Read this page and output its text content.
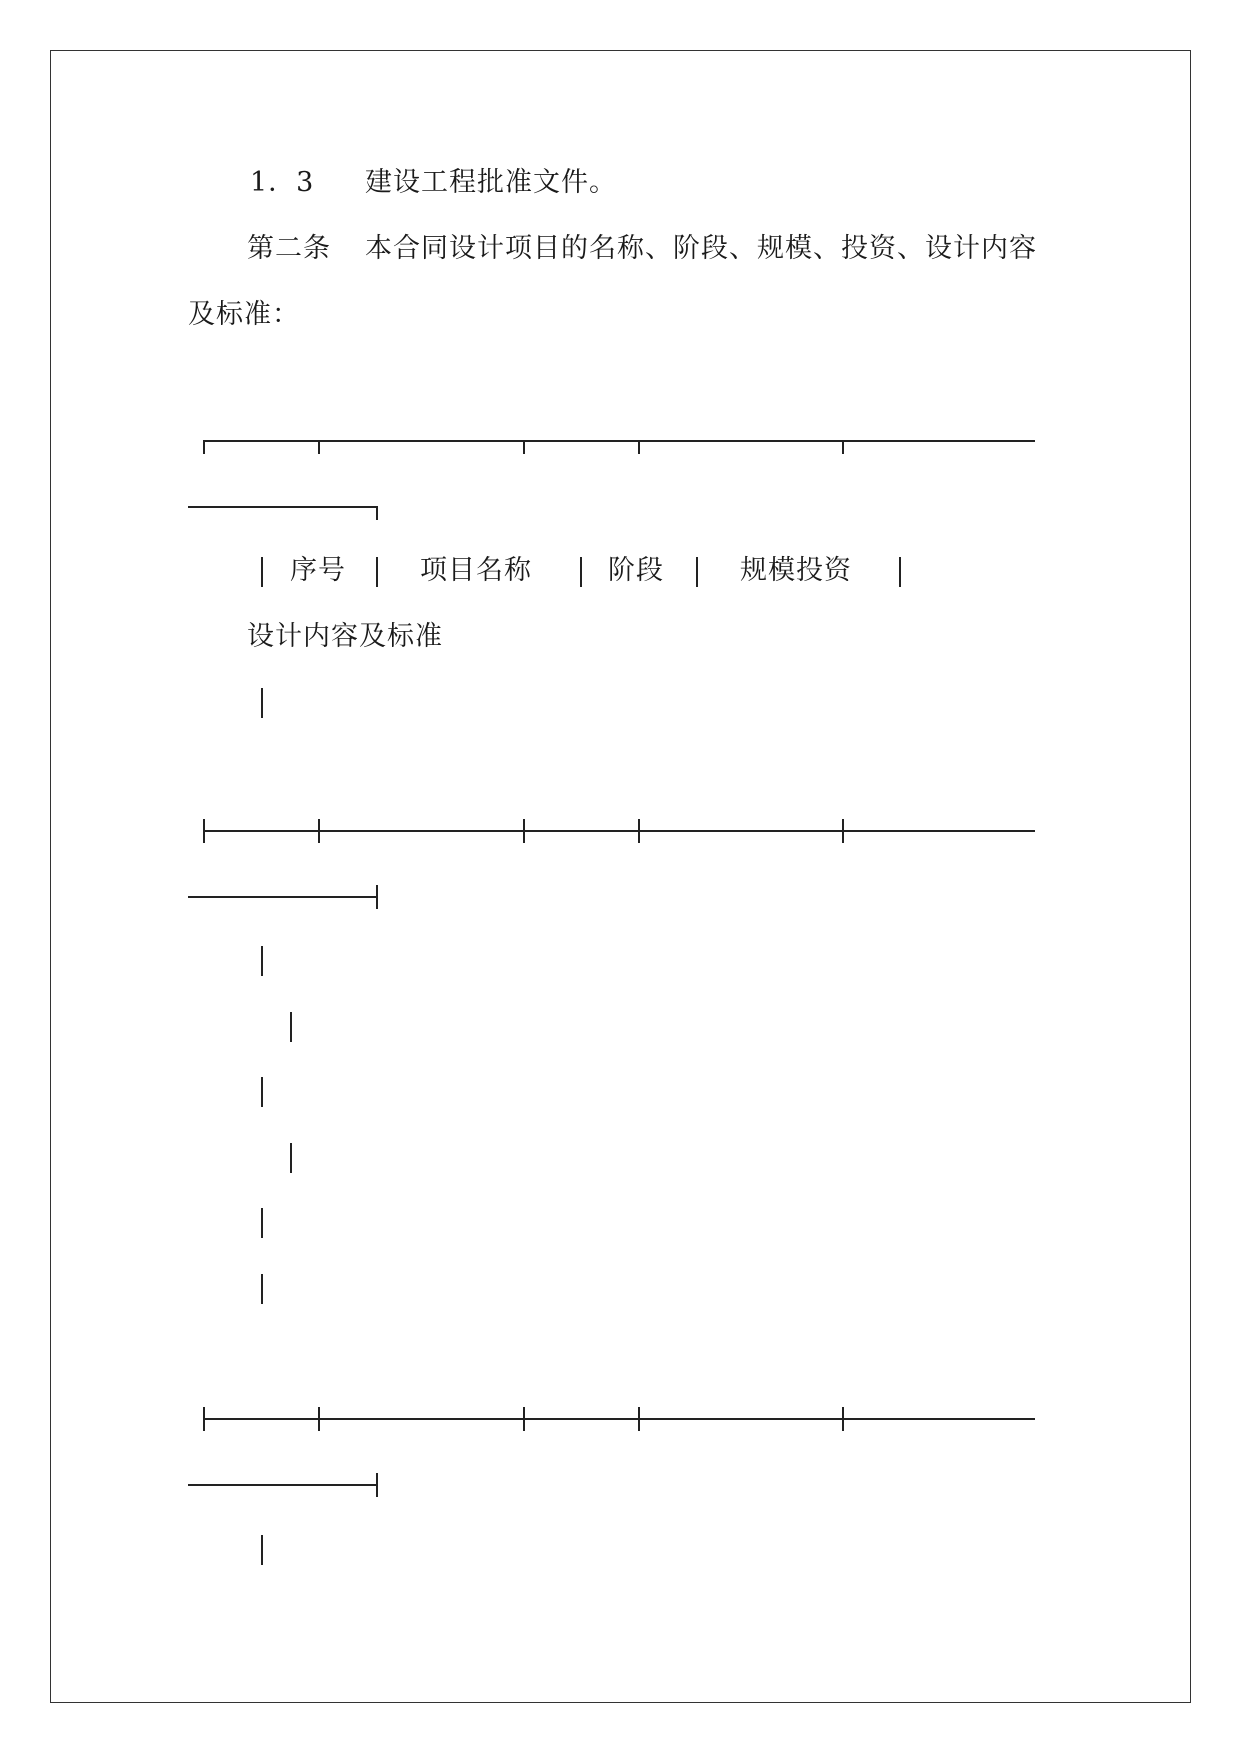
1．3 建设工程批准文件。
第二条 本合同设计项目的名称、阶段、规模、投资、设计内容
及标准：
序号	项目名称	阶段	规模投资
设计内容及标准
